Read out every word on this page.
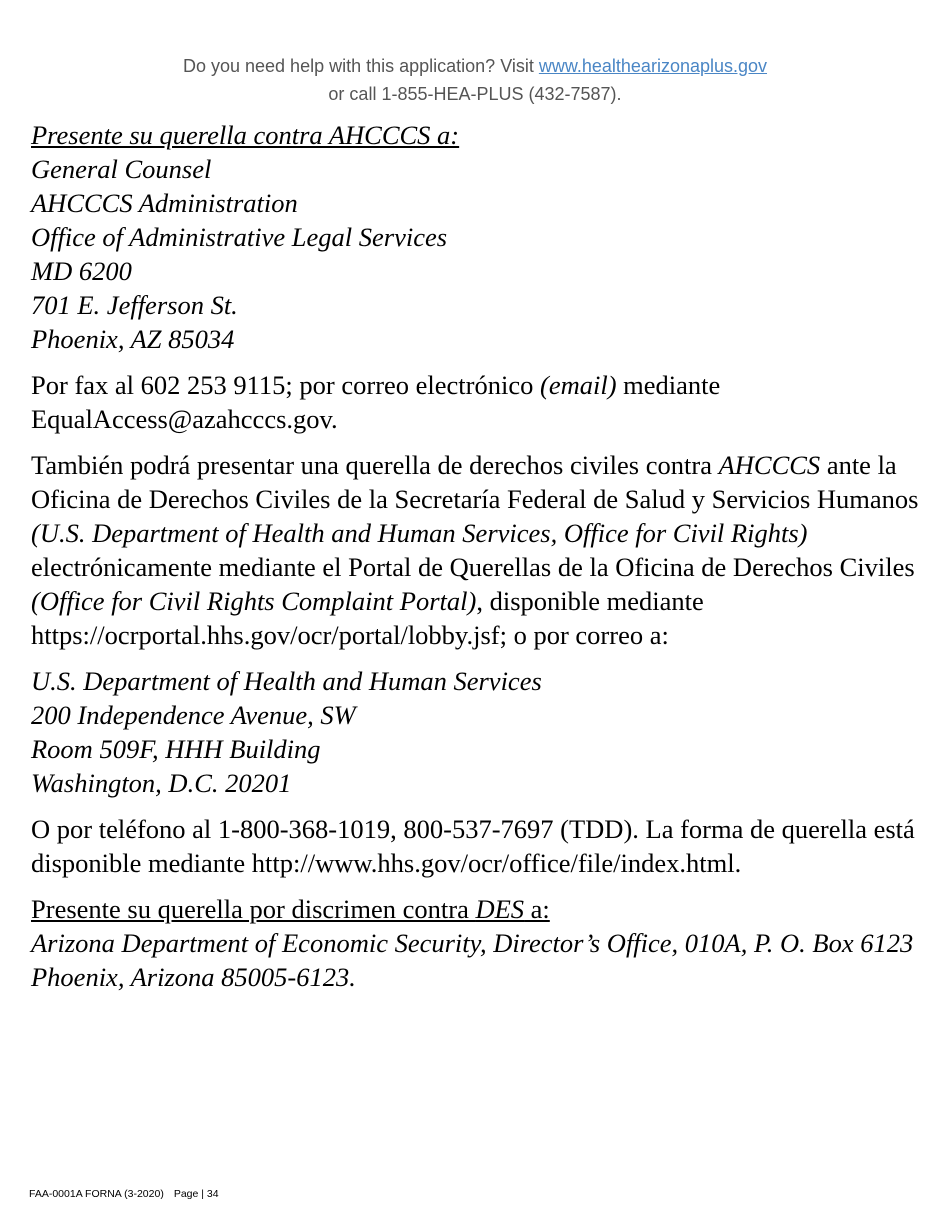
Do you need help with this application? Visit www.healthearizonaplus.gov
or call 1-855-HEA-PLUS (432-7587).

Presente su querella contra AHCCCS a:

General Counsel

AHCCCS Administration

Office of Administrative Legal Services

MD 6200

701 E. Jefferson St.

Phoenix, AZ 85034

Por fax al 602 253 9115; por correo electrónico (email) mediante
EqualAccess@azahcccs.gov.

También podrá presentar una querella de derechos civiles contra AHCCCS ante la Oficina de Derechos Civiles de la Secretaría Federal de Salud y Servicios Humanos (U.S. Department of Health and Human Services, Office for Civil Rights) electrónicamente mediante el Portal de Querellas de la Oficina de Derechos Civiles (Office for Civil Rights Complaint Portal), disponible mediante
https://ocrportal.hhs.gov/ocr/portal/lobby.jsf; o por correo a:

U.S. Department of Health and Human Services

200 Independence Avenue, SW

Room 509F, HHH Building

Washington, D.C. 20201

O por teléfono al 1-800-368-1019, 800-537-7697 (TDD). La forma de querella está disponible mediante http://www.hhs.gov/ocr/office/file/index.html.

Presente su querella por discrimen contra DES a:

Arizona Department of Economic Security, Director’s Office, 010A, P. O. Box 6123 Phoenix, Arizona 85005-6123.

FAA-0001A FORNA (3-2020) Page | 34
